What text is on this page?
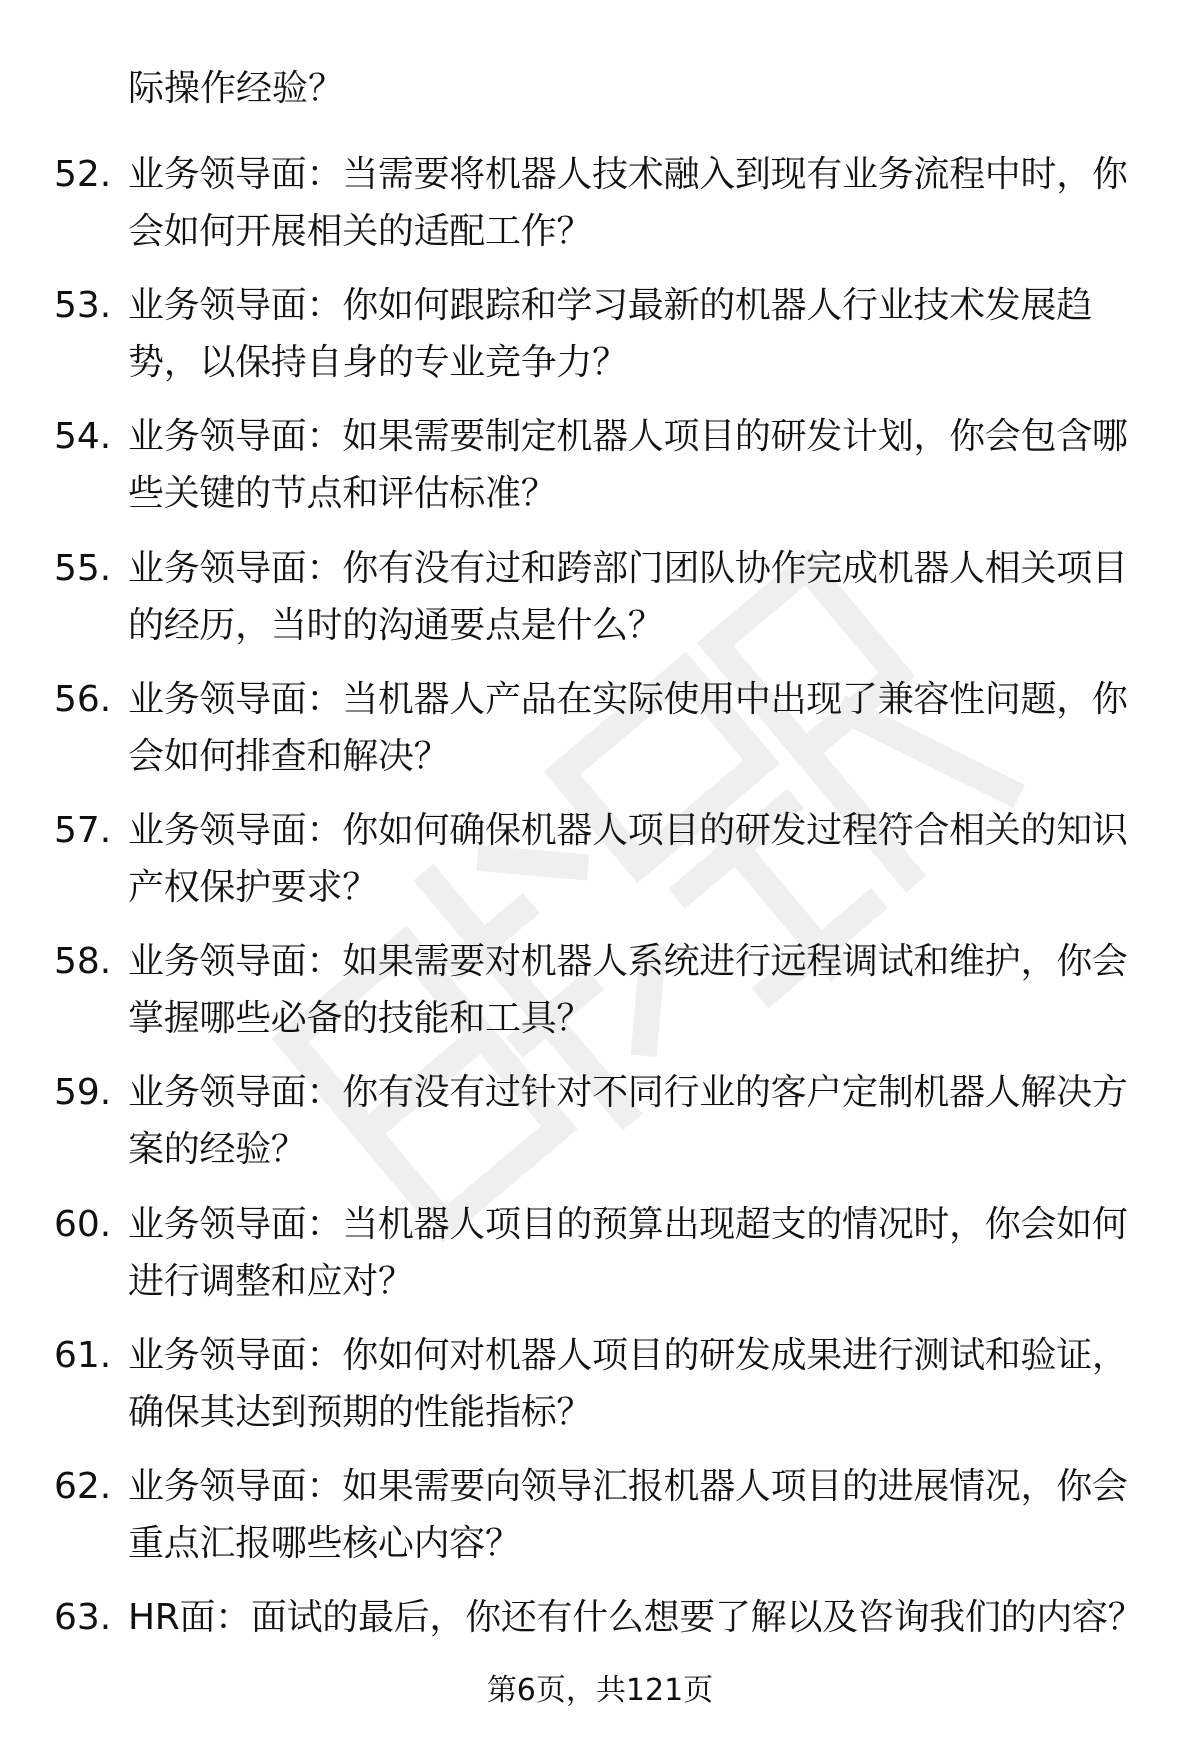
际操作经验？
52. 业务领导面：当需要将机器人技术融入到现有业务流程中时，你
会如何开展相关的适配工作？
53. 业务领导面：你如何跟踪和学习最新的机器人行业技术发展趋
势，以保持自身的专业竞争力？
54. 业务领导面：如果需要制定机器人项目的研发计划，你会包含哪
些关键的节点和评估标准？
55. 业务领导面：你有没有过和跨部门团队协作完成机器人相关项目
的经历，当时的沟通要点是什么？
56. 业务领导面：当机器人产品在实际使用中出现了兼容性问题，你
会如何排查和解决？
57. 业务领导面：你如何确保机器人项目的研发过程符合相关的知识
产权保护要求？
58. 业务领导面：如果需要对机器人系统进行远程调试和维护，你会
掌握哪些必备的技能和工具？
59. 业务领导面：你有没有过针对不同行业的客户定制机器人解决方
案的经验？
60. 业务领导面：当机器人项目的预算出现超支的情况时，你会如何
进行调整和应对？
61. 业务领导面：你如何对机器人项目的研发成果进行测试和验证，
确保其达到预期的性能指标？
62. 业务领导面：如果需要向领导汇报机器人项目的进展情况，你会
重点汇报哪些核心内容？
63. HR面：面试的最后，你还有什么想要了解以及咨询我们的内容？
第6页，共121页
